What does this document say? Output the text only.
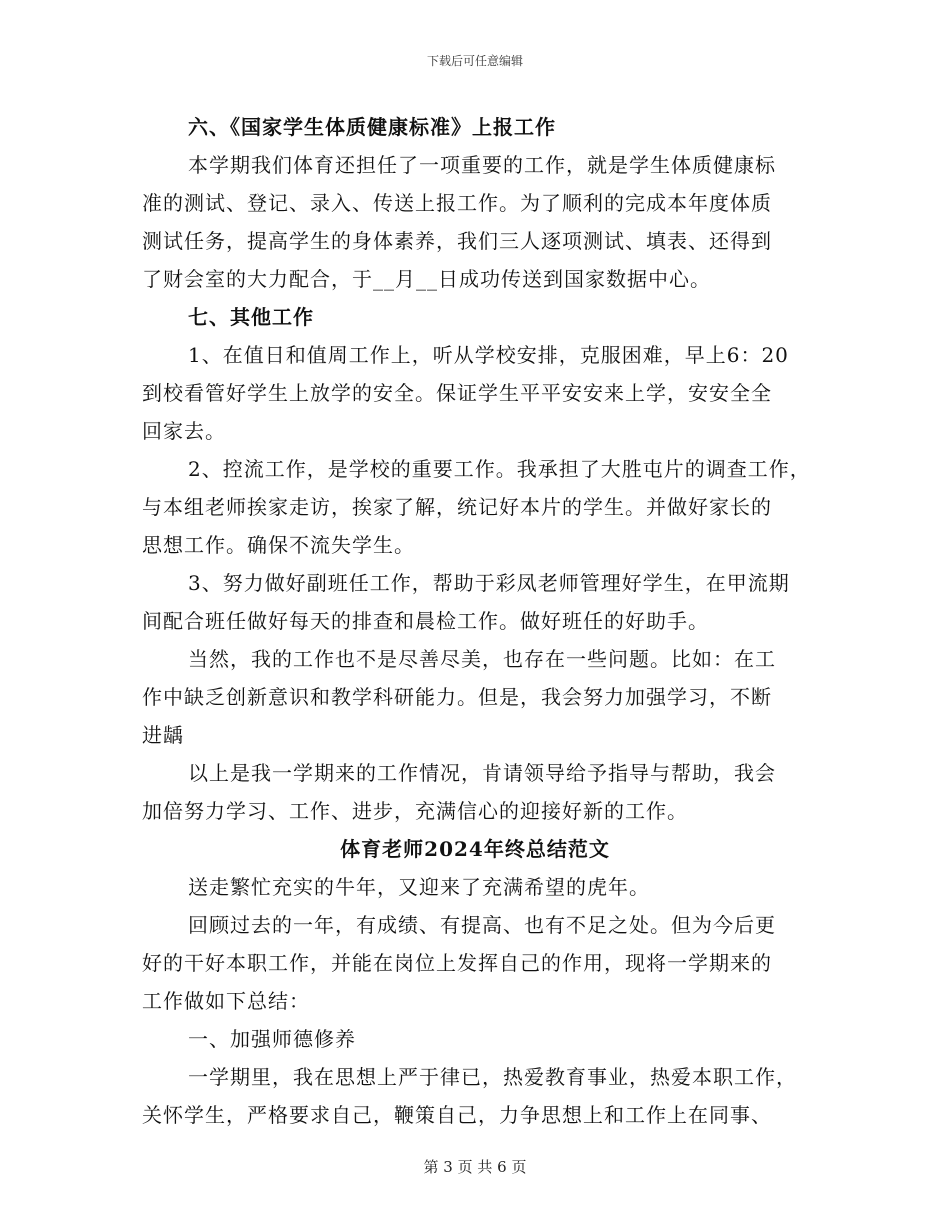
下载后可任意编辑
六、《国家学生体质健康标准》上报工作
本学期我们体育还担任了一项重要的工作，就是学生体质健康标
准的测试、登记、录入、传送上报工作。为了顺利的完成本年度体质
测试任务，提高学生的身体素养，我们三人逐项测试、填表、还得到
了财会室的大力配合，于__月__日成功传送到国家数据中心。
七、其他工作
1、在值日和值周工作上，听从学校安排，克服困难，早上6：20
到校看管好学生上放学的安全。保证学生平平安安来上学，安安全全
回家去。
2、控流工作，是学校的重要工作。我承担了大胜屯片的调查工作，
与本组老师挨家走访，挨家了解，统记好本片的学生。并做好家长的
思想工作。确保不流失学生。
3、努力做好副班任工作，帮助于彩凤老师管理好学生，在甲流期
间配合班任做好每天的排查和晨检工作。做好班任的好助手。
当然，我的工作也不是尽善尽美，也存在一些问题。比如：在工
作中缺乏创新意识和教学科研能力。但是，我会努力加强学习，不断
进龋
以上是我一学期来的工作情况，肯请领导给予指导与帮助，我会
加倍努力学习、工作、进步，充满信心的迎接好新的工作。
体育老师2024年终总结范文
送走繁忙充实的牛年，又迎来了充满希望的虎年。
回顾过去的一年，有成绩、有提高、也有不足之处。但为今后更
好的干好本职工作，并能在岗位上发挥自己的作用，现将一学期来的
工作做如下总结：
一、加强师德修养
一学期里，我在思想上严于律已，热爱教育事业，热爱本职工作，
关怀学生，严格要求自己，鞭策自己，力争思想上和工作上在同事、
第 3 页 共 6 页
